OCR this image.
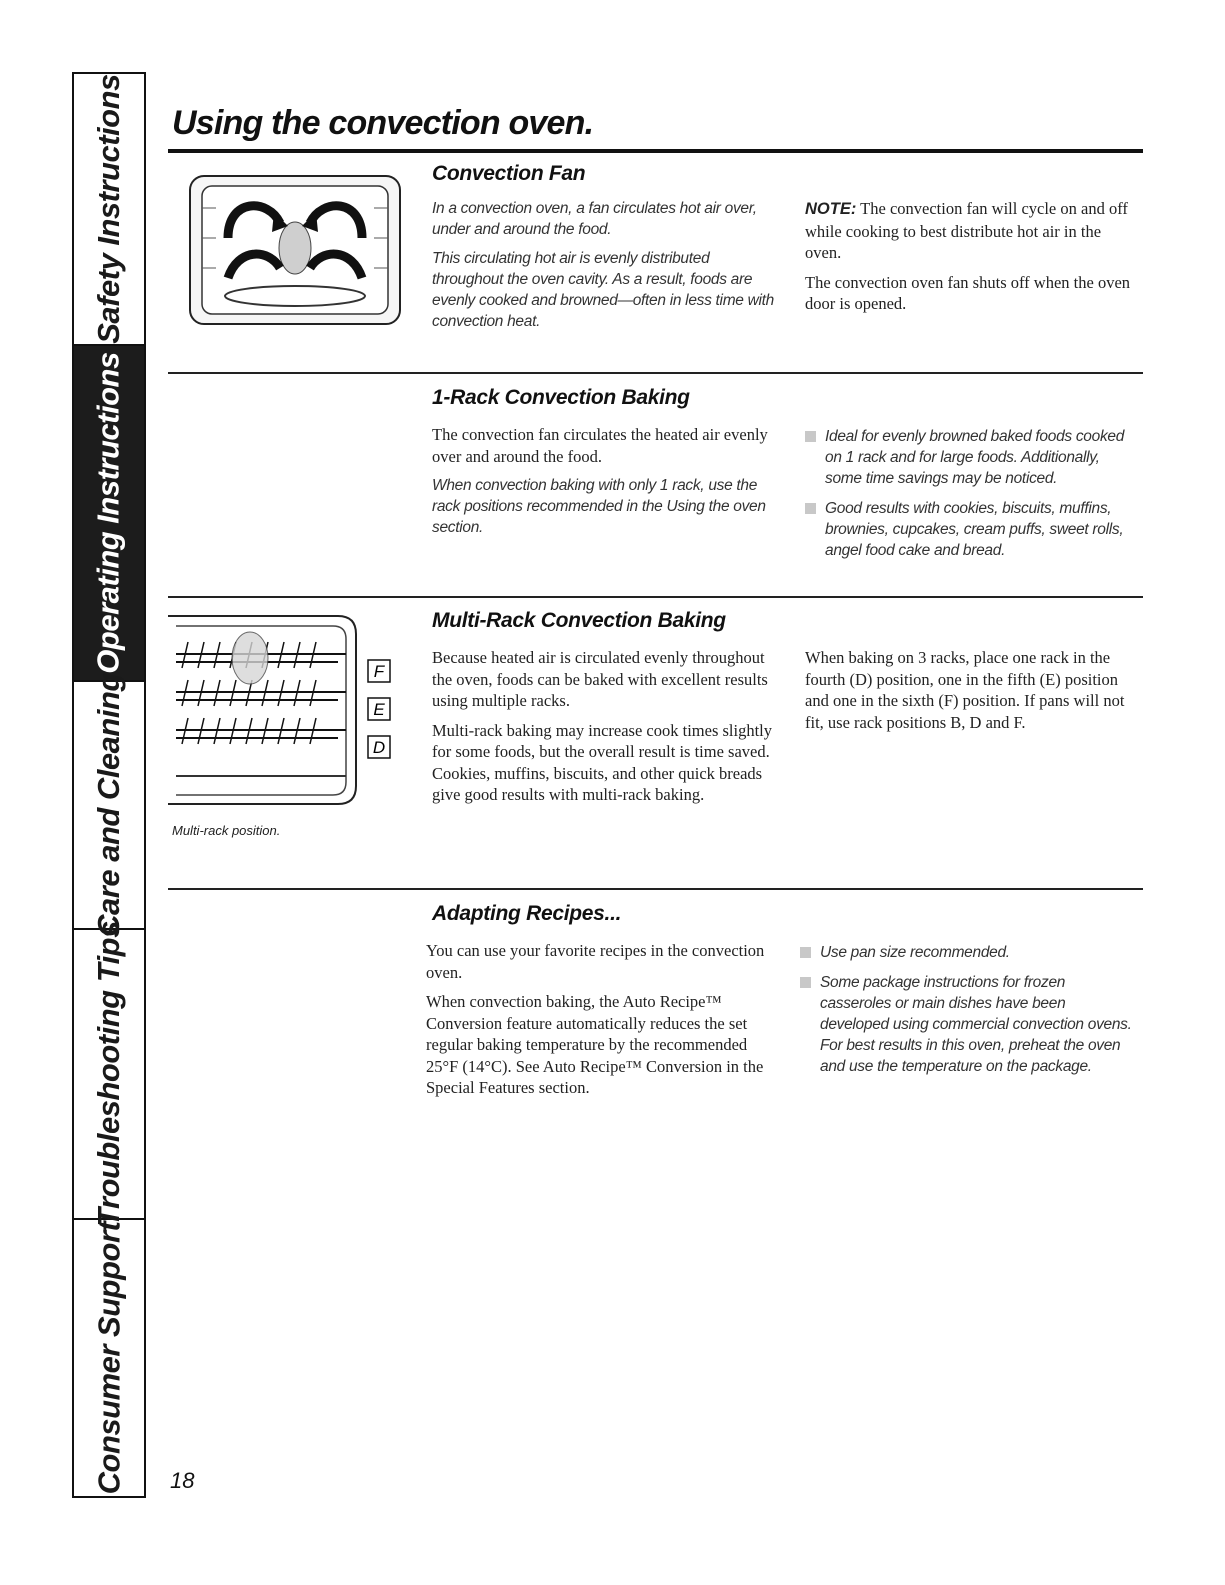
Safety Instructions
Operating Instructions
Care and Cleaning
Troubleshooting Tips
Consumer Support
Using the convection oven.
Convection Fan

In a convection oven, a fan circulates hot air over, under and around the food.

This circulating hot air is evenly distributed throughout the oven cavity. As a result, foods are evenly cooked and browned—often in less time with convection heat.

NOTE: The convection fan will cycle on and off while cooking to best distribute hot air in the oven.

The convection oven fan shuts off when the oven door is opened.

1-Rack Convection Baking

The convection fan circulates the heated air evenly over and around the food.

When convection baking with only 1 rack, use the rack positions recommended in the Using the oven section.

Ideal for evenly browned baked foods cooked on 1 rack and for large foods. Additionally, some time savings may be noticed.
Good results with cookies, biscuits, muffins, brownies, cupcakes, cream puffs, sweet rolls, angel food cake and bread.
F
E
D
Multi-rack position.
Multi-Rack Convection Baking

Because heated air is circulated evenly throughout the oven, foods can be baked with excellent results using multiple racks.

Multi-rack baking may increase cook times slightly for some foods, but the overall result is time saved. Cookies, muffins, biscuits, and other quick breads give good results with multi-rack baking.

When baking on 3 racks, place one rack in the fourth (D) position, one in the fifth (E) position and one in the sixth (F) position. If pans will not fit, use rack positions B, D and F.

Adapting Recipes...

You can use your favorite recipes in the convection oven.

When convection baking, the Auto Recipe™ Conversion feature automatically reduces the set regular baking temperature by the recommended 25°F (14°C). See Auto Recipe™ Conversion in the Special Features section.

Use pan size recommended.
Some package instructions for frozen casseroles or main dishes have been developed using commercial convection ovens. For best results in this oven, preheat the oven and use the temperature on the package.
18
